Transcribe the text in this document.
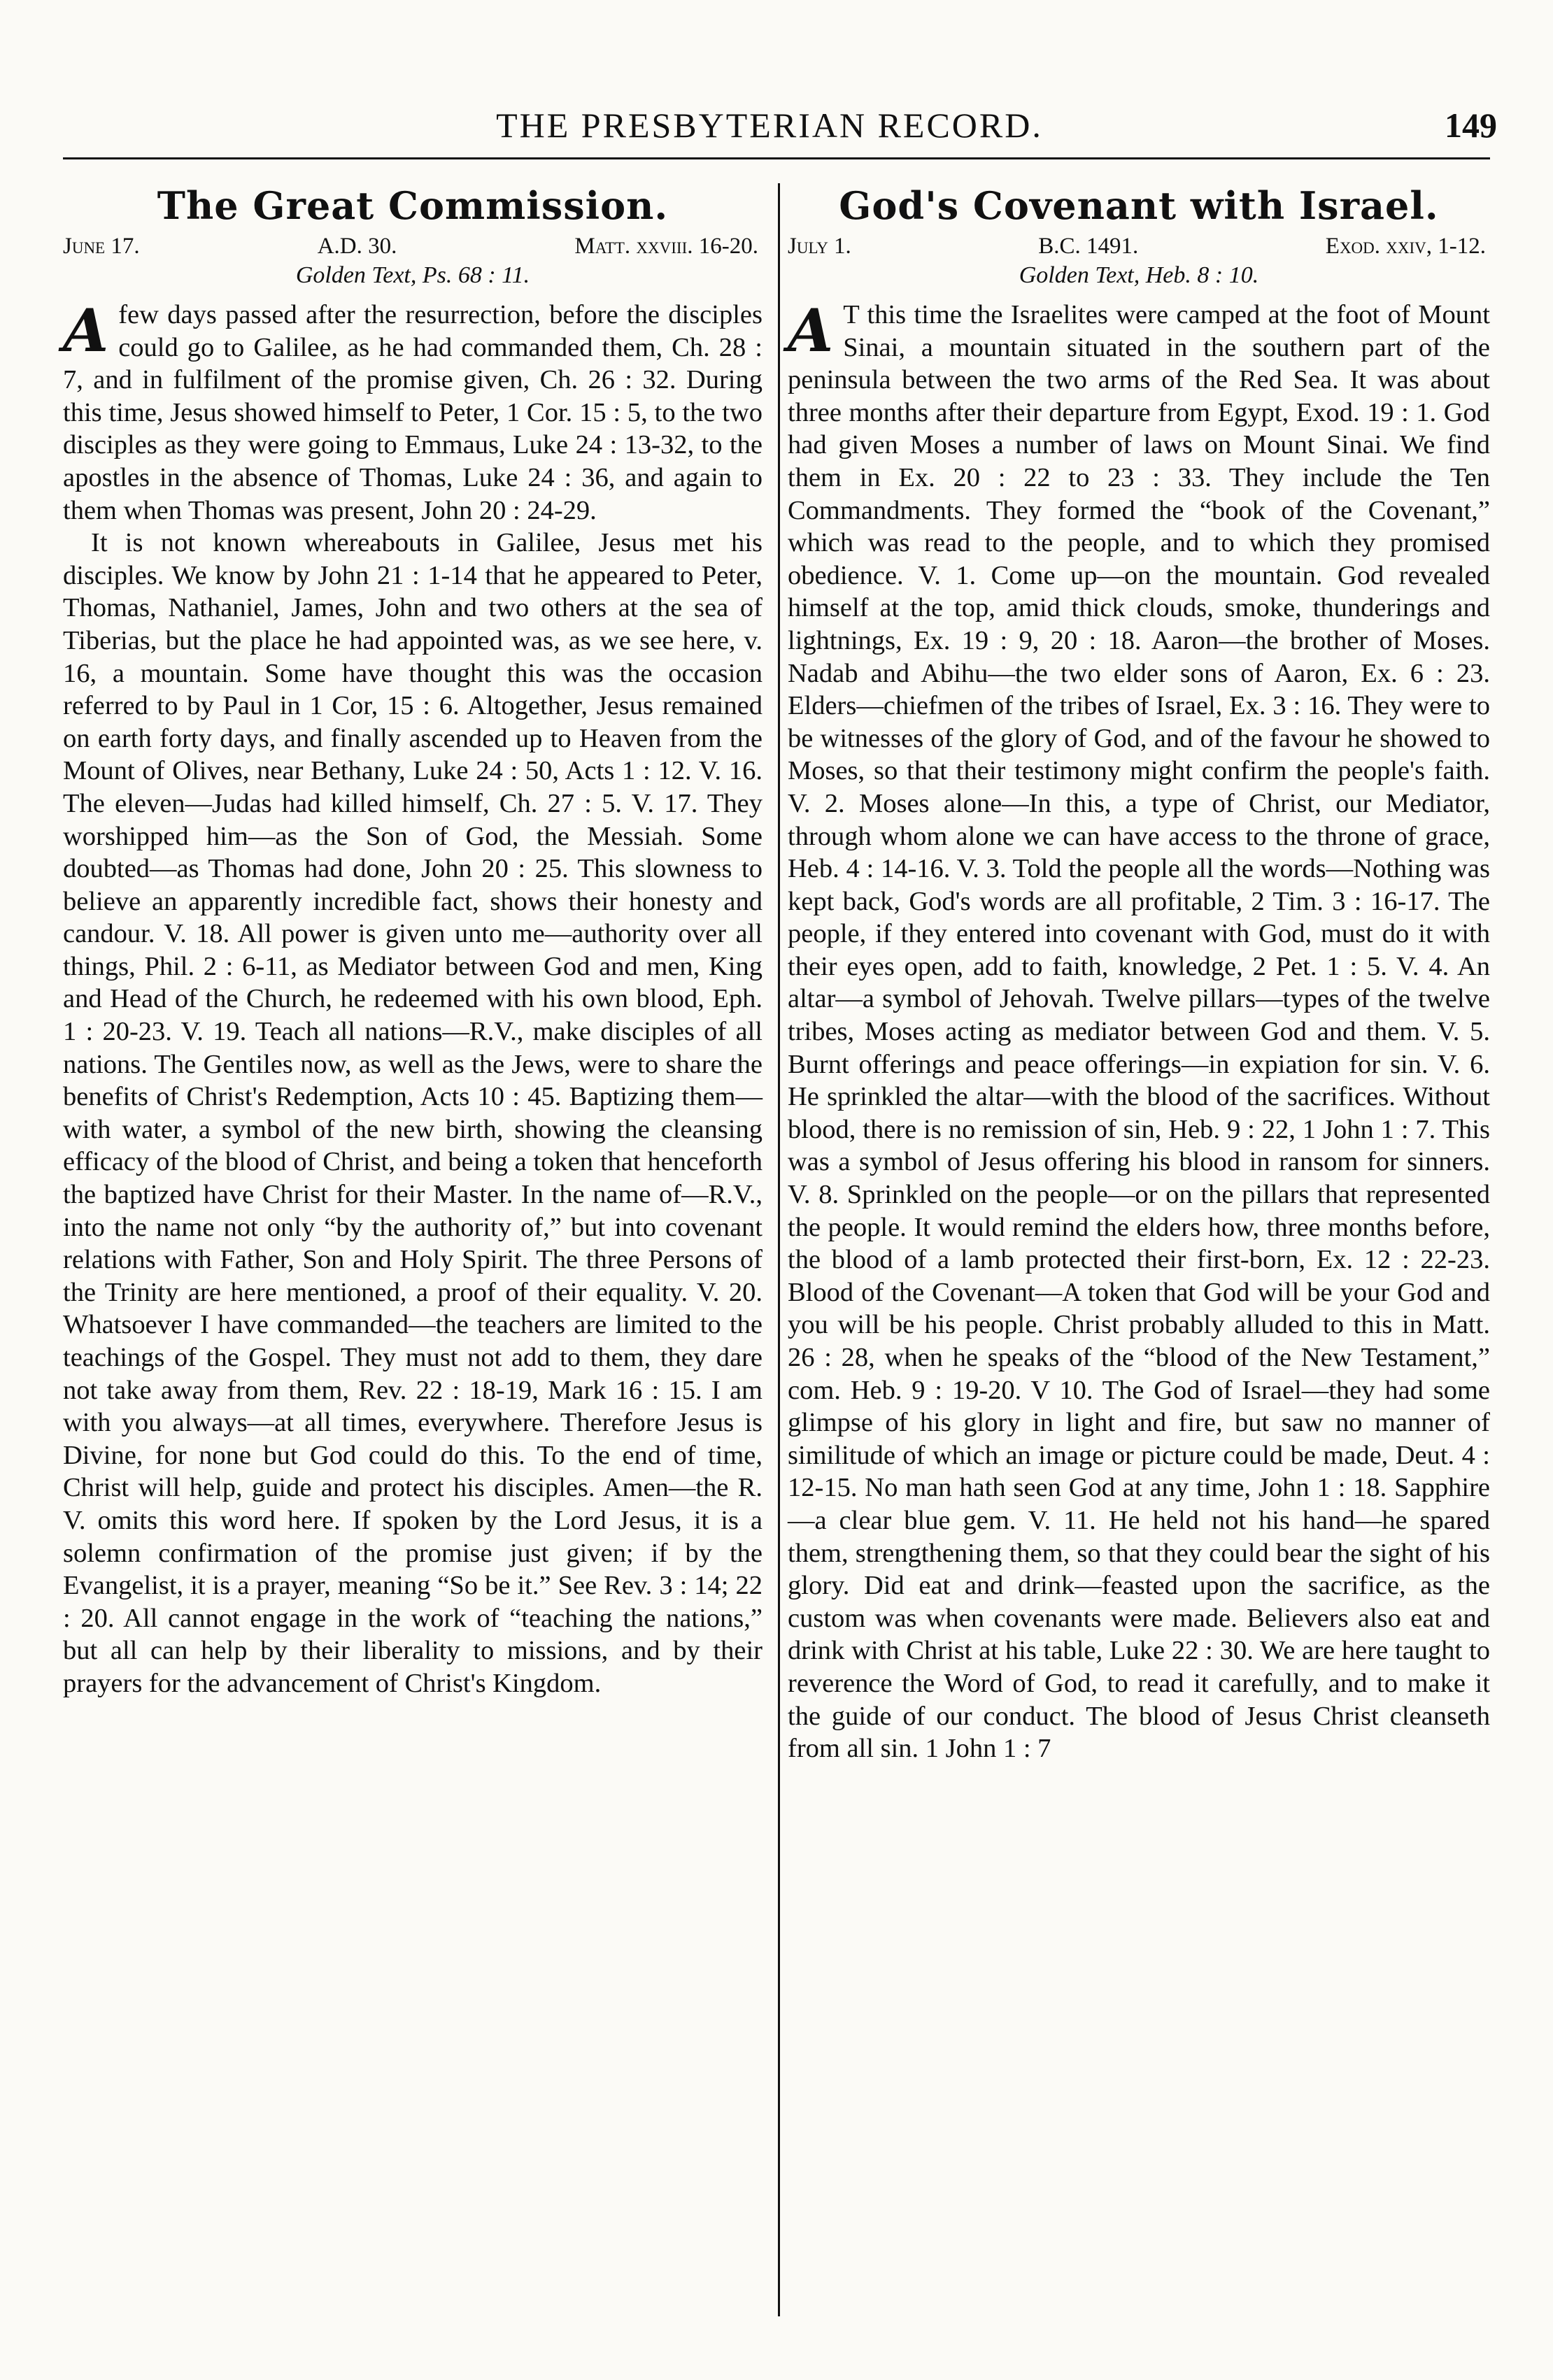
THE PRESBYTERIAN RECORD.	149
The Great Commission.
June 17.	A.D. 30.	Matt. xxviii. 16-20.
Golden Text, Ps. 68 : 11.

Afew days passed after the resurrection, before the disciples could go to Galilee, as he had commanded them, Ch. 28 : 7, and in fulfilment of the promise given, Ch. 26 : 32. During this time, Jesus showed himself to Peter, 1 Cor. 15 : 5, to the two disciples as they were going to Emmaus, Luke 24 : 13-32, to the apostles in the absence of Thomas, Luke 24 : 36, and again to them when Thomas was present, John 20 : 24-29.

It is not known whereabouts in Galilee, Jesus met his disciples. We know by John 21 : 1-14 that he appeared to Peter, Thomas, Nathaniel, James, John and two others at the sea of Tiberias, but the place he had appointed was, as we see here, v. 16, a mountain. Some have thought this was the occasion referred to by Paul in 1 Cor, 15 : 6. Altogether, Jesus remained on earth forty days, and finally ascended up to Heaven from the Mount of Olives, near Bethany, Luke 24 : 50, Acts 1 : 12. V. 16. The eleven—Judas had killed himself, Ch. 27 : 5. V. 17. They worshipped him—as the Son of God, the Messiah. Some doubted—as Thomas had done, John 20 : 25. This slowness to believe an apparently incredible fact, shows their honesty and candour. V. 18. All power is given unto me—authority over all things, Phil. 2 : 6-11, as Mediator between God and men, King and Head of the Church, he redeemed with his own blood, Eph. 1 : 20-23. V. 19. Teach all nations—R.V., make disciples of all nations. The Gentiles now, as well as the Jews, were to share the benefits of Christ's Redemption, Acts 10 : 45. Baptizing them—with water, a symbol of the new birth, showing the cleansing efficacy of the blood of Christ, and being a token that henceforth the baptized have Christ for their Master. In the name of—R.V., into the name not only “by the authority of,” but into covenant relations with Father, Son and Holy Spirit. The three Persons of the Trinity are here mentioned, a proof of their equality. V. 20. Whatsoever I have commanded—the teachers are limited to the teachings of the Gospel. They must not add to them, they dare not take away from them, Rev. 22 : 18-19, Mark 16 : 15. I am with you always—at all times, everywhere. Therefore Jesus is Divine, for none but God could do this. To the end of time, Christ will help, guide and protect his disciples. Amen—the R. V. omits this word here. If spoken by the Lord Jesus, it is a solemn confirmation of the promise just given; if by the Evangelist, it is a prayer, meaning “So be it.” See Rev. 3 : 14; 22 : 20. All cannot engage in the work of “teaching the nations,” but all can help by their liberality to missions, and by their prayers for the advancement of Christ's Kingdom.

God's Covenant with Israel.
July 1.	B.C. 1491.	Exod. xxiv, 1-12.
Golden Text, Heb. 8 : 10.

A T this time the Israelites were camped at the foot of Mount Sinai, a mountain situated in the southern part of the peninsula between the two arms of the Red Sea. It was about three months after their departure from Egypt, Exod. 19 : 1. God had given Moses a number of laws on Mount Sinai. We find them in Ex. 20 : 22 to 23 : 33. They include the Ten Commandments. They formed the “book of the Covenant,” which was read to the people, and to which they promised obedience. V. 1. Come up—on the mountain. God revealed himself at the top, amid thick clouds, smoke, thunderings and lightnings, Ex. 19 : 9, 20 : 18. Aaron—the brother of Moses. Nadab and Abihu—the two elder sons of Aaron, Ex. 6 : 23. Elders—chiefmen of the tribes of Israel, Ex. 3 : 16. They were to be witnesses of the glory of God, and of the favour he showed to Moses, so that their testimony might confirm the people's faith. V. 2. Moses alone—In this, a type of Christ, our Mediator, through whom alone we can have access to the throne of grace, Heb. 4 : 14-16. V. 3. Told the people all the words—Nothing was kept back, God's words are all profitable, 2 Tim. 3 : 16-17. The people, if they entered into covenant with God, must do it with their eyes open, add to faith, knowledge, 2 Pet. 1 : 5. V. 4. An altar—a symbol of Jehovah. Twelve pillars—types of the twelve tribes, Moses acting as mediator between God and them. V. 5. Burnt offerings and peace offerings—in expiation for sin. V. 6. He sprinkled the altar—with the blood of the sacrifices. Without blood, there is no remission of sin, Heb. 9 : 22, 1 John 1 : 7. This was a symbol of Jesus offering his blood in ransom for sinners. V. 8. Sprinkled on the people—or on the pillars that represented the people. It would remind the elders how, three months before, the blood of a lamb protected their first-born, Ex. 12 : 22-23. Blood of the Covenant—A token that God will be your God and you will be his people. Christ probably alluded to this in Matt. 26 : 28, when he speaks of the “blood of the New Testament,” com. Heb. 9 : 19-20. V 10. The God of Israel—they had some glimpse of his glory in light and fire, but saw no manner of similitude of which an image or picture could be made, Deut. 4 : 12-15. No man hath seen God at any time, John 1 : 18. Sapphire—a clear blue gem. V. 11. He held not his hand—he spared them, strengthening them, so that they could bear the sight of his glory. Did eat and drink—feasted upon the sacrifice, as the custom was when covenants were made. Believers also eat and drink with Christ at his table, Luke 22 : 30. We are here taught to reverence the Word of God, to read it carefully, and to make it the guide of our conduct. The blood of Jesus Christ cleanseth from all sin. 1 John 1 : 7
